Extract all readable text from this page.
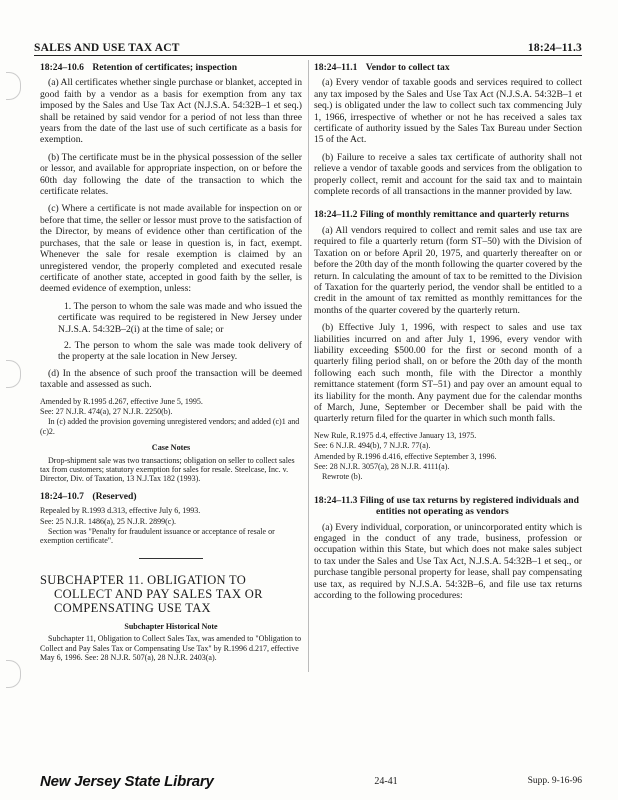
SALES AND USE TAX ACT	18:24–11.3
18:24–10.6 Retention of certificates; inspection

(a) All certificates whether single purchase or blanket, accepted in good faith by a vendor as a basis for exemption from any tax imposed by the Sales and Use Tax Act (N.J.S.A. 54:32B–1 et seq.) shall be retained by said vendor for a period of not less than three years from the date of the last use of such certificate as a basis for exemption.

(b) The certificate must be in the physical possession of the seller or lessor, and available for appropriate inspection, on or before the 60th day following the date of the transaction to which the certificate relates.

(c) Where a certificate is not made available for inspection on or before that time, the seller or lessor must prove to the satisfaction of the Director, by means of evidence other than certification of the purchases, that the sale or lease in question is, in fact, exempt. Whenever the sale for resale exemption is claimed by an unregistered vendor, the properly completed and executed resale certificate of another state, accepted in good faith by the seller, is deemed evidence of exemption, unless:

1. The person to whom the sale was made and who issued the certificate was required to be registered in New Jersey under N.J.S.A. 54:32B–2(i) at the time of sale; or

2. The person to whom the sale was made took delivery of the property at the sale location in New Jersey.

(d) In the absence of such proof the transaction will be deemed taxable and assessed as such.

Amended by R.1995 d.267, effective June 5, 1995.

See: 27 N.J.R. 474(a), 27 N.J.R. 2250(b).

In (c) added the provision governing unregistered vendors; and added (c)1 and (c)2.

Case Notes

Drop-shipment sale was two transactions; obligation on seller to collect sales tax from customers; statutory exemption for sales for resale. Steelcase, Inc. v. Director, Div. of Taxation, 13 N.J.Tax 182 (1993).

18:24–10.7 (Reserved)

Repealed by R.1993 d.313, effective July 6, 1993.

See: 25 N.J.R. 1486(a), 25 N.J.R. 2899(c).

Section was "Penalty for fraudulent issuance or acceptance of resale or exemption certificate".

SUBCHAPTER 11. OBLIGATION TO COLLECT AND PAY SALES TAX OR COMPENSATING USE TAX
Subchapter Historical Note

Subchapter 11, Obligation to Collect Sales Tax, was amended to "Obligation to Collect and Pay Sales Tax or Compensating Use Tax" by R.1996 d.217, effective May 6, 1996. See: 28 N.J.R. 507(a), 28 N.J.R. 2403(a).

18:24–11.1 Vendor to collect tax

(a) Every vendor of taxable goods and services required to collect any tax imposed by the Sales and Use Tax Act (N.J.S.A. 54:32B–1 et seq.) is obligated under the law to collect such tax commencing July 1, 1966, irrespective of whether or not he has received a sales tax certificate of authority issued by the Sales Tax Bureau under Section 15 of the Act.

(b) Failure to receive a sales tax certificate of authority shall not relieve a vendor of taxable goods and services from the obligation to properly collect, remit and account for the said tax and to maintain complete records of all transactions in the manner provided by law.

18:24–11.2 Filing of monthly remittance and quarterly returns

(a) All vendors required to collect and remit sales and use tax are required to file a quarterly return (form ST–50) with the Division of Taxation on or before April 20, 1975, and quarterly thereafter on or before the 20th day of the month following the quarter covered by the return. In calculating the amount of tax to be remitted to the Division of Taxation for the quarterly period, the vendor shall be entitled to a credit in the amount of tax remitted as monthly remittances for the months of the quarter covered by the quarterly return.

(b) Effective July 1, 1996, with respect to sales and use tax liabilities incurred on and after July 1, 1996, every vendor with liability exceeding $500.00 for the first or second month of a quarterly filing period shall, on or before the 20th day of the month following each such month, file with the Director a monthly remittance statement (form ST–51) and pay over an amount equal to its liability for the month. Any payment due for the calendar months of March, June, September or December shall be paid with the quarterly return filed for the quarter in which such month falls.

New Rule, R.1975 d.4, effective January 13, 1975.

See: 6 N.J.R. 494(b), 7 N.J.R. 77(a).

Amended by R.1996 d.416, effective September 3, 1996.

See: 28 N.J.R. 3057(a), 28 N.J.R. 4111(a).

Rewrote (b).

18:24–11.3 Filing of use tax returns by registered individuals and entities not operating as vendors

(a) Every individual, corporation, or unincorporated entity which is engaged in the conduct of any trade, business, profession or occupation within this State, but which does not make sales subject to tax under the Sales and Use Tax Act, N.J.S.A. 54:32B–1 et seq., or purchase tangible personal property for lease, shall pay compensating use tax, as required by N.J.S.A. 54:32B–6, and file use tax returns according to the following procedures:

New Jersey State Library	24-41	Supp. 9-16-96
